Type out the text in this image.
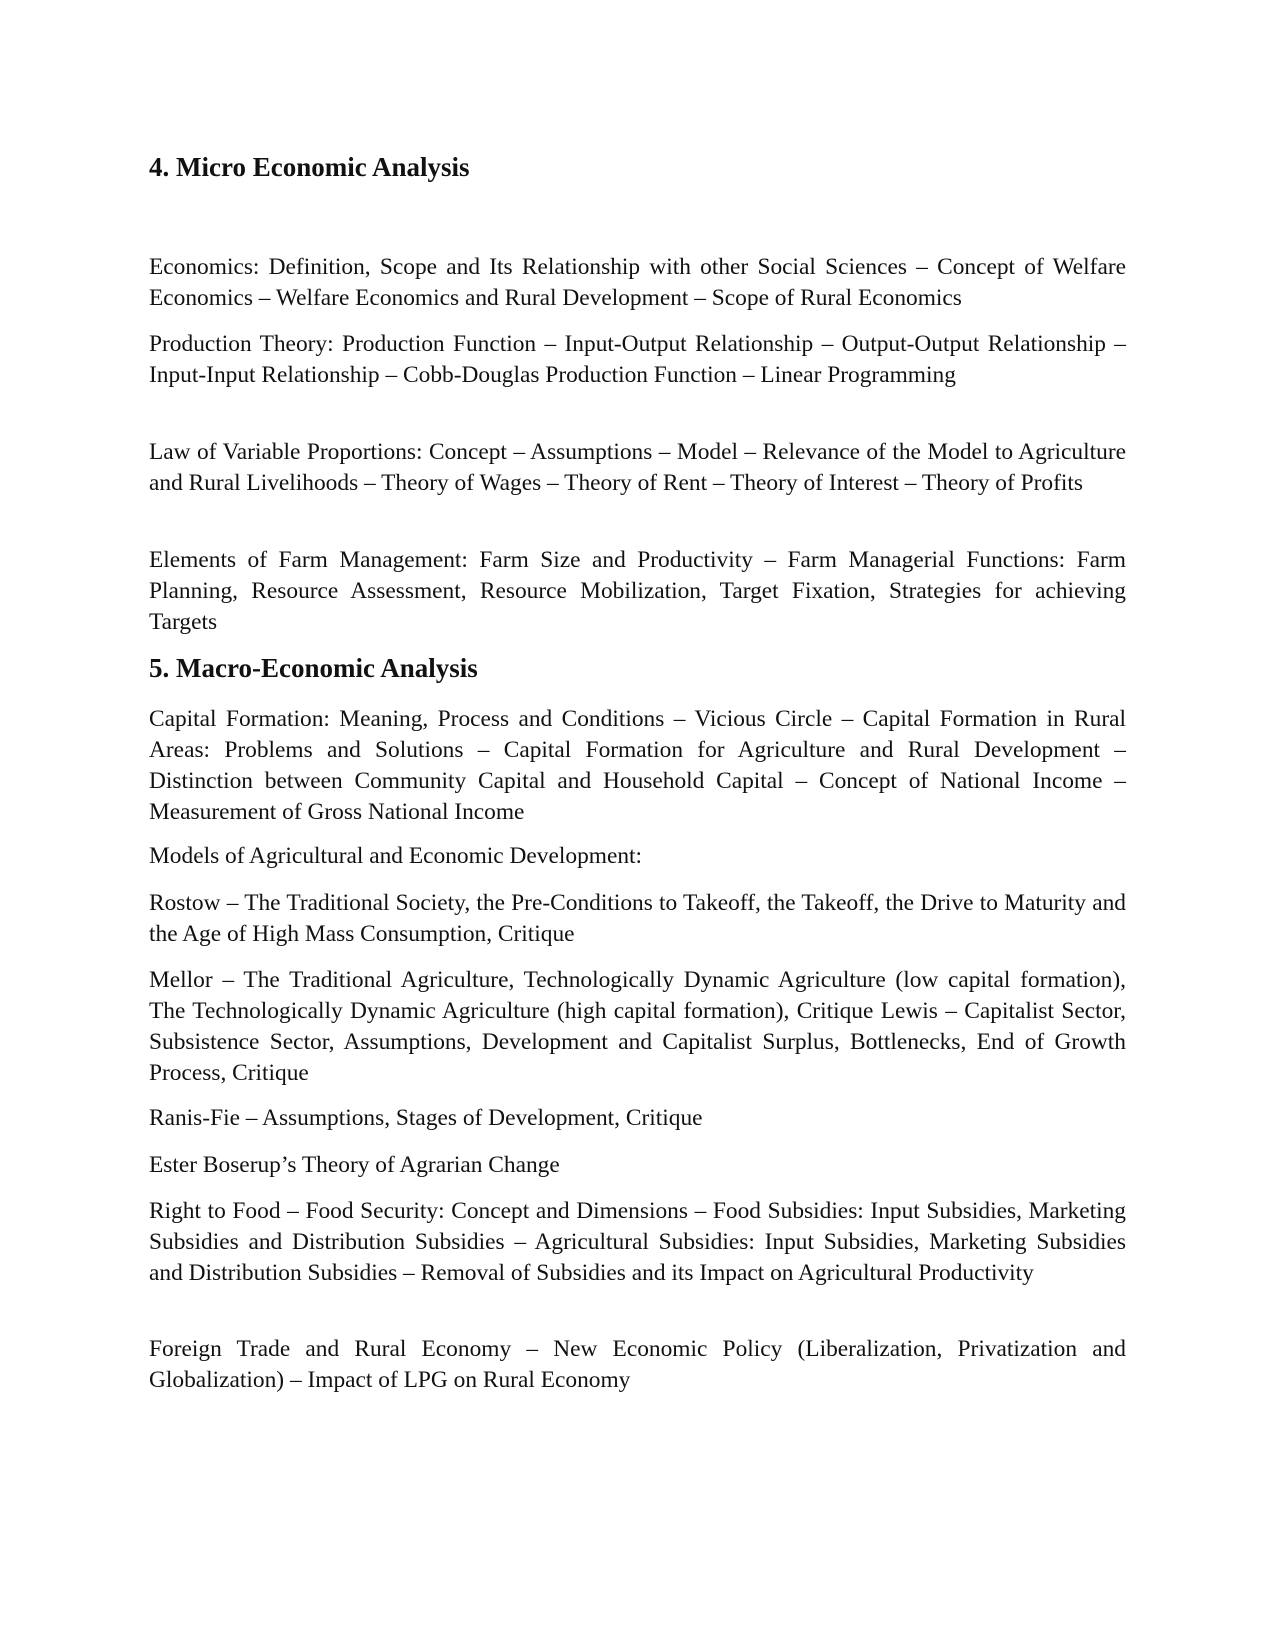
4. Micro Economic Analysis

Economics: Definition, Scope and Its Relationship with other Social Sciences – Concept of Welfare Economics – Welfare Economics and Rural Development – Scope of Rural Economics

Production Theory: Production Function – Input-Output Relationship – Output-Output Relationship – Input-Input Relationship – Cobb-Douglas Production Function – Linear Programming

Law of Variable Proportions: Concept – Assumptions – Model – Relevance of the Model to Agriculture and Rural Livelihoods – Theory of Wages – Theory of Rent – Theory of Interest – Theory of Profits

Elements of Farm Management: Farm Size and Productivity – Farm Managerial Functions: Farm Planning, Resource Assessment, Resource Mobilization, Target Fixation, Strategies for achieving Targets

5. Macro-Economic Analysis

Capital Formation: Meaning, Process and Conditions – Vicious Circle – Capital Formation in Rural Areas: Problems and Solutions – Capital Formation for Agriculture and Rural Development – Distinction between Community Capital and Household Capital – Concept of National Income – Measurement of Gross National Income

Models of Agricultural and Economic Development:

Rostow – The Traditional Society, the Pre-Conditions to Takeoff, the Takeoff, the Drive to Maturity and the Age of High Mass Consumption, Critique

Mellor – The Traditional Agriculture, Technologically Dynamic Agriculture (low capital formation), The Technologically Dynamic Agriculture (high capital formation), Critique Lewis – Capitalist Sector, Subsistence Sector, Assumptions, Development and Capitalist Surplus, Bottlenecks, End of Growth Process, Critique

Ranis-Fie – Assumptions, Stages of Development, Critique

Ester Boserup’s Theory of Agrarian Change

Right to Food – Food Security: Concept and Dimensions – Food Subsidies: Input Subsidies, Marketing Subsidies and Distribution Subsidies – Agricultural Subsidies: Input Subsidies, Marketing Subsidies and Distribution Subsidies – Removal of Subsidies and its Impact on Agricultural Productivity

Foreign Trade and Rural Economy – New Economic Policy (Liberalization, Privatization and Globalization) – Impact of LPG on Rural Economy
